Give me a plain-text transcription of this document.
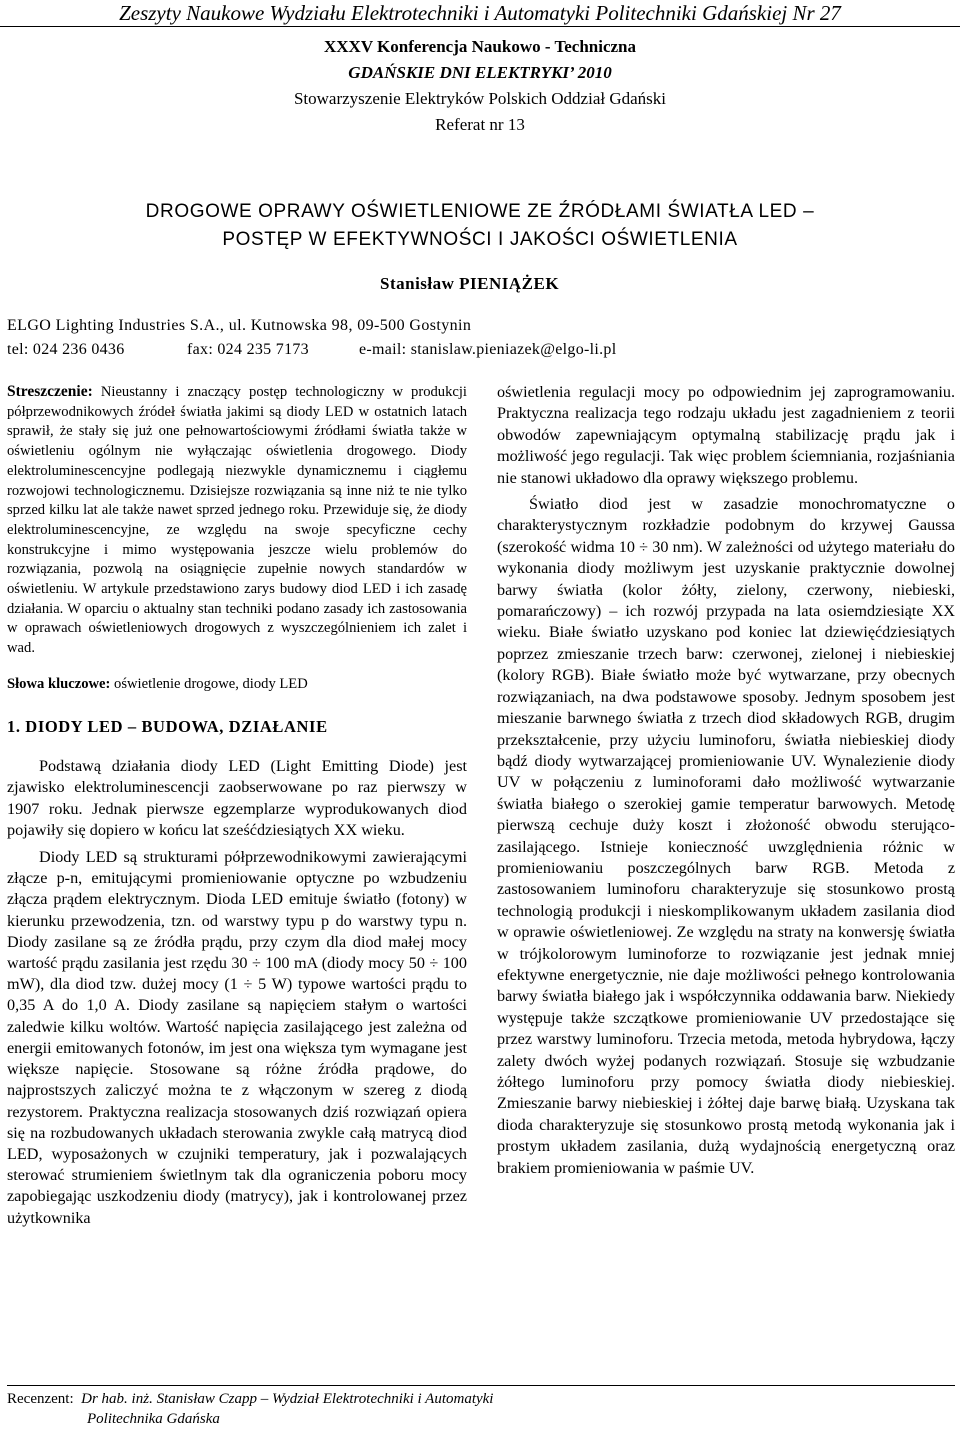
Zeszyty Naukowe Wydziału Elektrotechniki i Automatyki Politechniki Gdańskiej Nr 27
XXXV Konferencja Naukowo - Techniczna
GDAŃSKIE DNI ELEKTRYKI’ 2010
Stowarzyszenie Elektryków Polskich Oddział Gdański
Referat nr 13
DROGOWE OPRAWY OŚWIETLENIOWE ZE ŹRÓDŁAMI ŚWIATŁA LED –
POSTĘP W EFEKTYWNOŚCI I JAKOŚCI OŚWIETLENIA
Stanisław PIENIĄŻEK
ELGO Lighting Industries S.A., ul. Kutnowska 98, 09-500 Gostynin
tel: 024 236 0436	fax: 024 235 7173	e-mail: stanislaw.pieniazek@elgo-li.pl

Streszczenie: Nieustanny i znaczący postęp technologiczny w produkcji półprzewodnikowych źródeł światła jakimi są diody LED w ostatnich latach sprawił, że stały się już one pełnowartościowymi źródłami światła także w oświetleniu ogólnym nie wyłączając oświetlenia drogowego. Diody elektroluminescencyjne podlegają niezwykle dynamicznemu i ciągłemu rozwojowi technologicznemu. Dzisiejsze rozwiązania są inne niż te nie tylko sprzed kilku lat ale także nawet sprzed jednego roku. Przewiduje się, że diody elektroluminescencyjne, ze względu na swoje specyficzne cechy konstrukcyjne i mimo występowania jeszcze wielu problemów do rozwiązania, pozwolą na osiągnięcie zupełnie nowych standardów w oświetleniu. W artykule przedstawiono zarys budowy diod LED i ich zasadę działania. W oparciu o aktualny stan techniki podano zasady ich zastosowania w oprawach oświetleniowych drogowych z wyszczególnieniem ich zalet i wad.

Słowa kluczowe: oświetlenie drogowe, diody LED

1. DIODY LED – BUDOWA, DZIAŁANIE

Podstawą działania diody LED (Light Emitting Diode) jest zjawisko elektroluminescencji zaobserwowane po raz pierwszy w 1907 roku. Jednak pierwsze egzemplarze wyprodukowanych diod pojawiły się dopiero w końcu lat sześćdziesiątych XX wieku.

Diody LED są strukturami półprzewodnikowymi zawierającymi złącze p-n, emitującymi promieniowanie optyczne po wzbudzeniu złącza prądem elektrycznym. Dioda LED emituje światło (fotony) w kierunku przewodzenia, tzn. od warstwy typu p do warstwy typu n. Diody zasilane są ze źródła prądu, przy czym dla diod małej mocy wartość prądu zasilania jest rzędu 30 ÷ 100 mA (diody mocy 50 ÷ 100 mW), dla diod tzw. dużej mocy (1 ÷ 5 W) typowe wartości prądu to 0,35 A do 1,0 A. Diody zasilane są napięciem stałym o wartości zaledwie kilku woltów. Wartość napięcia zasilającego jest zależna od energii emitowanych fotonów, im jest ona większa tym wymagane jest większe napięcie. Stosowane są różne źródła prądowe, do najprostszych zaliczyć można te z włączonym w szereg z diodą rezystorem. Praktyczna realizacja stosowanych dziś rozwiązań opiera się na rozbudowanych układach sterowania zwykle całą matrycą diod LED, wyposażonych w czujniki temperatury, jak i pozwalających sterować strumieniem świetlnym tak dla ograniczenia poboru mocy zapobiegając uszkodzeniu diody (matrycy), jak i kontrolowanej przez użytkownika

oświetlenia regulacji mocy po odpowiednim jej zaprogramowaniu. Praktyczna realizacja tego rodzaju układu jest zagadnieniem z teorii obwodów zapewniającym optymalną stabilizację prądu jak i możliwość jego regulacji. Tak więc problem ściemniania, rozjaśniania nie stanowi układowo dla oprawy większego problemu.

Światło diod jest w zasadzie monochromatyczne o charakterystycznym rozkładzie podobnym do krzywej Gaussa (szerokość widma 10 ÷ 30 nm). W zależności od użytego materiału do wykonania diody możliwym jest uzyskanie praktycznie dowolnej barwy światła (kolor żółty, zielony, czerwony, niebieski, pomarańczowy) – ich rozwój przypada na lata osiemdziesiąte XX wieku. Białe światło uzyskano pod koniec lat dziewięćdziesiątych poprzez zmieszanie trzech barw: czerwonej, zielonej i niebieskiej (kolory RGB). Białe światło może być wytwarzane, przy obecnych rozwiązaniach, na dwa podstawowe sposoby. Jednym sposobem jest mieszanie barwnego światła z trzech diod składowych RGB, drugim przekształcenie, przy użyciu luminoforu, światła niebieskiej diody bądź diody wytwarzającej promieniowanie UV. Wynalezienie diody UV w połączeniu z luminoforami dało możliwość wytwarzanie światła białego o szerokiej gamie temperatur barwowych. Metodę pierwszą cechuje duży koszt i złożoność obwodu sterująco-zasilającego. Istnieje konieczność uwzględnienia różnic w promieniowaniu poszczególnych barw RGB. Metoda z zastosowaniem luminoforu charakteryzuje się stosunkowo prostą technologią produkcji i nieskomplikowanym układem zasilania diod w oprawie oświetleniowej. Ze względu na straty na konwersję światła w trójkolorowym luminoforze to rozwiązanie jest jednak mniej efektywne energetycznie, nie daje możliwości pełnego kontrolowania barwy światła białego jak i współczynnika oddawania barw. Niekiedy występuje także szczątkowe promieniowanie UV przedostające się przez warstwy luminoforu. Trzecia metoda, metoda hybrydowa, łączy zalety dwóch wyżej podanych rozwiązań. Stosuje się wzbudzanie żółtego luminoforu przy pomocy światła diody niebieskiej. Zmieszanie barwy niebieskiej i żółtej daje barwę białą. Uzyskana tak dioda charakteryzuje się stosunkowo prostą metodą wykonania jak i prostym układem zasilania, dużą wydajnością energetyczną oraz brakiem promieniowania w paśmie UV.

Recenzent: Dr hab. inż. Stanisław Czapp – Wydział Elektrotechniki i Automatyki
Politechnika Gdańska
